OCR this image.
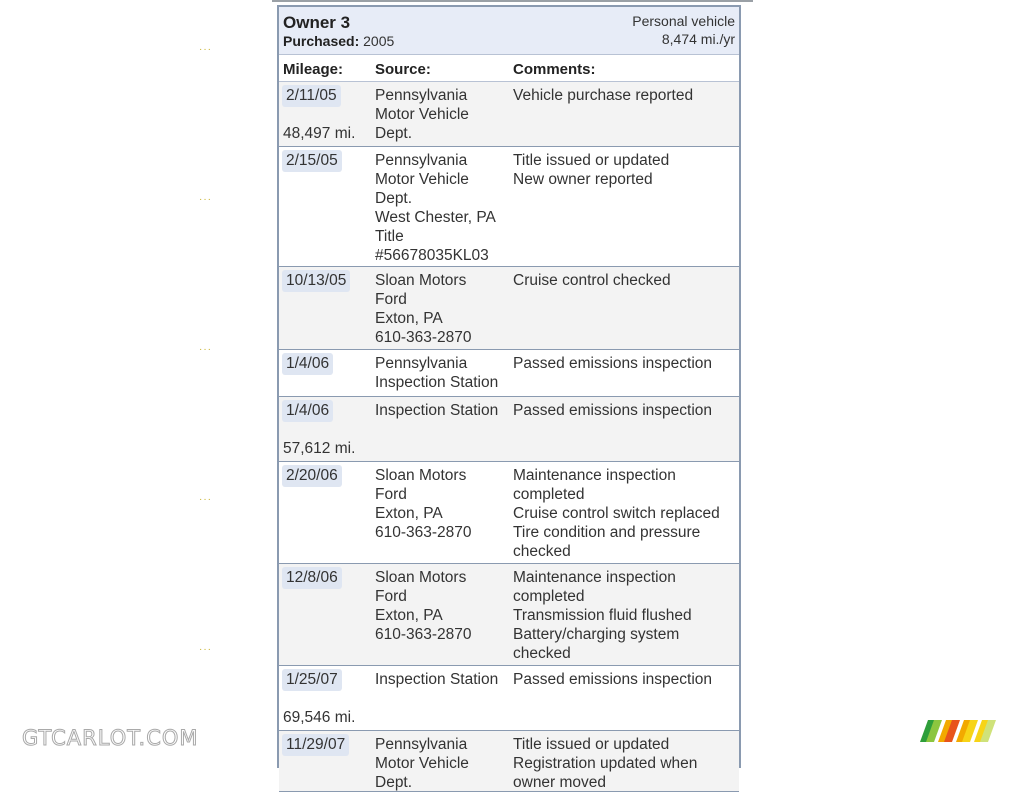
···
···
···
···
···
Owner 3
Purchased: 2005
Personal vehicle
8,474 mi./yr
Mileage: Source:	Comments:
2/11/05
48,497 mi.
Pennsylvania
Motor Vehicle
Dept.
Vehicle purchase reported
2/15/05 Pennsylvania
Motor Vehicle
Dept.
West Chester, PA
Title
#56678035KL03
Title issued or updated
New owner reported
10/13/05 Sloan Motors
Ford
Exton, PA
610-363-2870
Cruise control checked
1/4/06	Pennsylvania
Inspection Station
Passed emissions inspection
1/4/06
57,612 mi.
Inspection Station Passed emissions inspection
2/20/06 Sloan Motors
Ford
Exton, PA
610-363-2870
Maintenance inspection
completed
Cruise control switch replaced
Tire condition and pressure
checked
12/8/06 Sloan Motors
Ford
Exton, PA
610-363-2870
Maintenance inspection
completed
Transmission fluid flushed
Battery/charging system
checked
1/25/07
69,546 mi.
Inspection Station Passed emissions inspection
11/29/07 Pennsylvania
Motor Vehicle
Dept.
Title issued or updated
Registration updated when
owner moved
GTCARLOT.COM
